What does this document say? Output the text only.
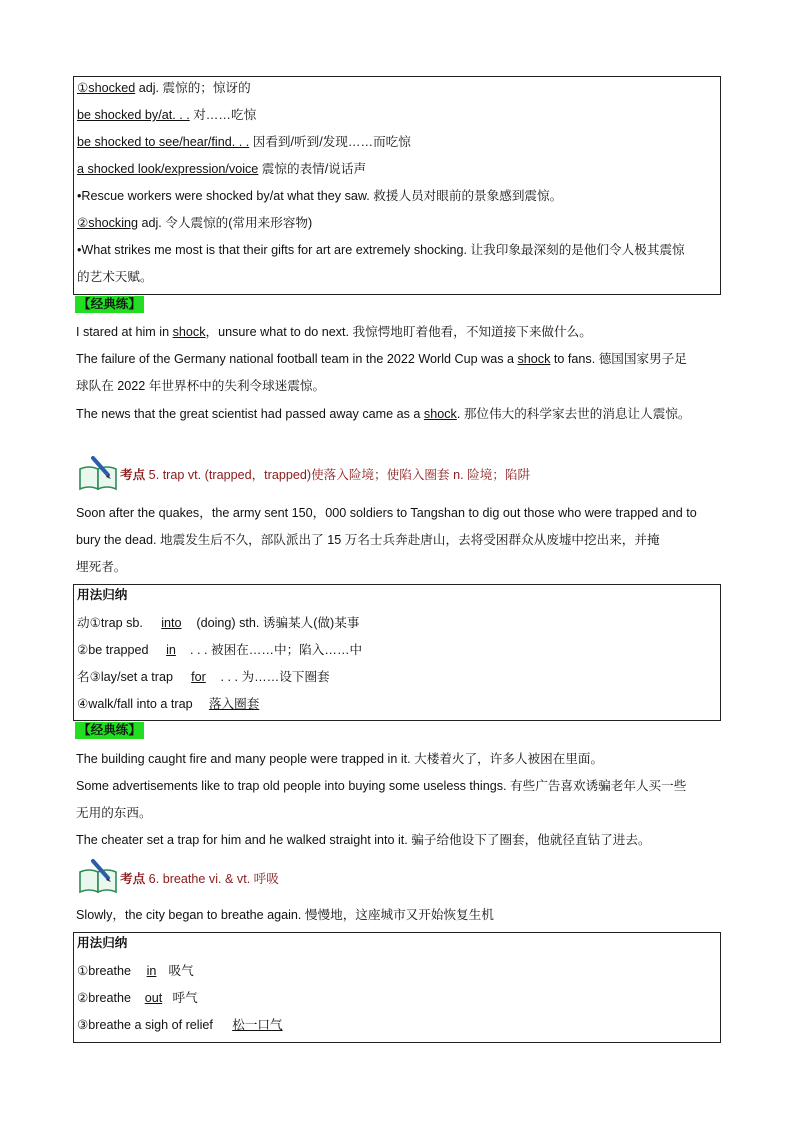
①shocked adj. 震惊的；惊讶的
be shocked by/at. . . 对……吃惊
be shocked to see/hear/find. . . 因看到/听到/发现……而吃惊
a shocked look/expression/voice 震惊的表情/说话声
•Rescue workers were shocked by/at what they saw. 救援人员对眼前的景象感到震惊。
②shocking adj. 令人震惊的(常用来形容物)
•What strikes me most is that their gifts for art are extremely shocking. 让我印象最深刻的是他们令人极其震惊
的艺术天赋。
【经典练】
I stared at him in shock，unsure what to do next. 我惊愕地盯着他看，不知道接下来做什么。
The failure of the Germany national football team in the 2022 World Cup was a shock to fans. 德国国家男子足
球队在 2022 年世界杯中的失利令球迷震惊。
The news that the great scientist had passed away came as a shock. 那位伟大的科学家去世的消息让人震惊。
考点 5. trap vt. (trapped，trapped)使落入险境；使陷入圈套 n. 险境；陷阱
Soon after the quakes，the army sent 150，000 soldiers to Tangshan to dig out those who were trapped and to
bury the dead. 地震发生后不久，部队派出了 15 万名士兵奔赴唐山，去将受困群众从废墟中挖出来，并掩
埋死者。
用法归纳
动①trap sb. into (doing) sth. 诱骗某人(做)某事
②be trapped in . . . 被困在……中；陷入……中
名③lay/set a trap for . . . 为……设下圈套
④walk/fall into a trap 落入圈套
【经典练】
The building caught fire and many people were trapped in it. 大楼着火了，许多人被困在里面。
Some advertisements like to trap old people into buying some useless things. 有些广告喜欢诱骗老年人买一些
无用的东西。
The cheater set a trap for him and he walked straight into it. 骗子给他设下了圈套，他就径直钻了进去。
考点 6. breathe vi. & vt. 呼吸
Slowly，the city began to breathe again. 慢慢地，这座城市又开始恢复生机
用法归纳
①breathe in 吸气
②breathe out 呼气
③breathe a sigh of relief 松一口气
